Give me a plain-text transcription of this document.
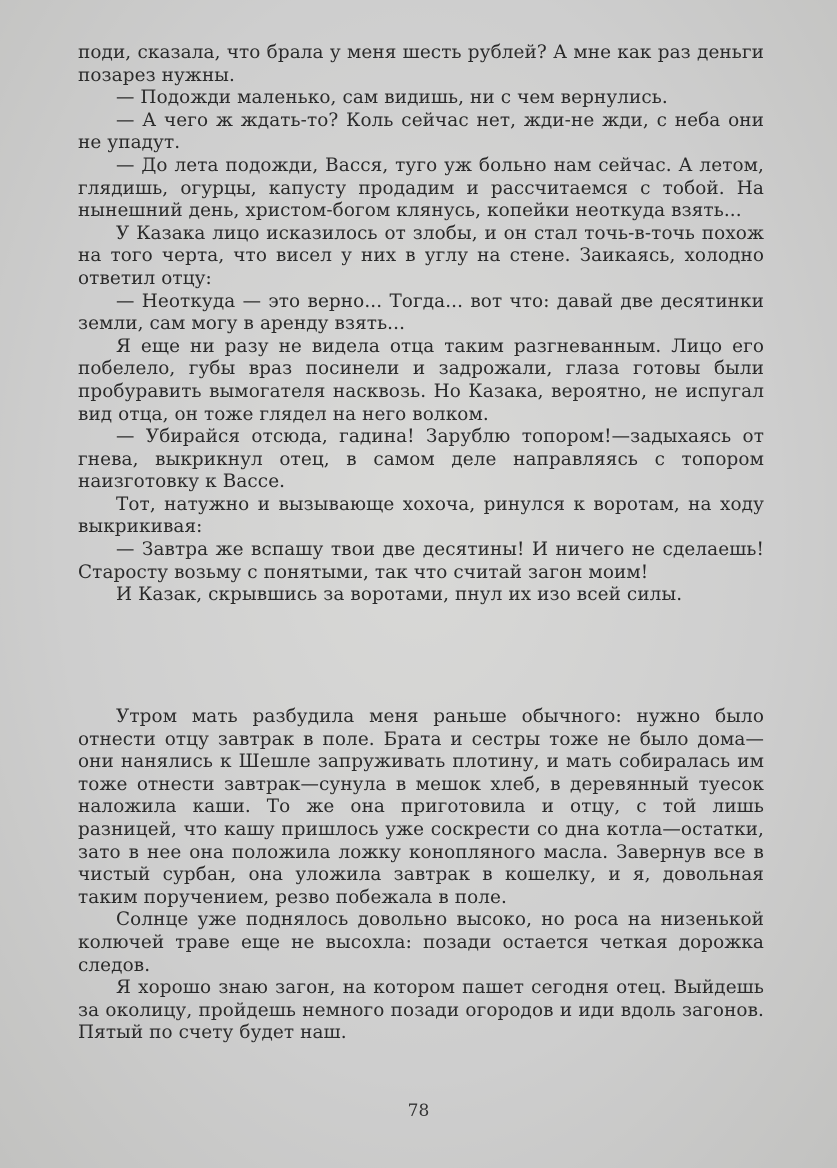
поди, сказала, что брала у меня шесть рублей? А мне как раз деньги позарез нужны.

— Подожди маленько, сам видишь, ни с чем вернулись.

— А чего ж ждать-то? Коль сейчас нет, жди-не жди, с неба они не упадут.

— До лета подожди, Васся, туго уж больно нам сейчас. А летом, глядишь, огурцы, капусту продадим и рассчитаемся с тобой. На нынешний день, христом-богом клянусь, копейки неоткуда взять...

У Казака лицо исказилось от злобы, и он стал точь-в-точь похож на того черта, что висел у них в углу на стене. Заикаясь, холодно ответил отцу:

— Неоткуда — это верно... Тогда... вот что: давай две десятинки земли, сам могу в аренду взять...

Я еще ни разу не видела отца таким разгневанным. Лицо его побелело, губы враз посинели и задрожали, глаза готовы были пробуравить вымогателя насквозь. Но Казака, вероятно, не испугал вид отца, он тоже глядел на него волком.

— Убирайся отсюда, гадина! Зарублю топором!—задыхаясь от гнева, выкрикнул отец, в самом деле направляясь с топором наизготовку к Вассе.

Тот, натужно и вызывающе хохоча, ринулся к воротам, на ходу выкрикивая:

— Завтра же вспашу твои две десятины! И ничего не сделаешь! Старосту возьму с понятыми, так что считай загон моим!

И Казак, скрывшись за воротами, пнул их изо всей силы.

Утром мать разбудила меня раньше обычного: нужно было отнести отцу завтрак в поле. Брата и сестры тоже не было дома—они нанялись к Шешле запруживать плотину, и мать собиралась им тоже отнести завтрак—сунула в мешок хлеб, в деревянный туесок наложила каши. То же она приготовила и отцу, с той лишь разницей, что кашу пришлось уже соскрести со дна котла—остатки, зато в нее она положила ложку конопляного масла. Завернув все в чистый сурбан, она уложила завтрак в кошелку, и я, довольная таким поручением, резво побежала в поле.

Солнце уже поднялось довольно высоко, но роса на низенькой колючей траве еще не высохла: позади остается четкая дорожка следов.

Я хорошо знаю загон, на котором пашет сегодня отец. Выйдешь за околицу, пройдешь немного позади огородов и иди вдоль загонов. Пятый по счету будет наш.

78
